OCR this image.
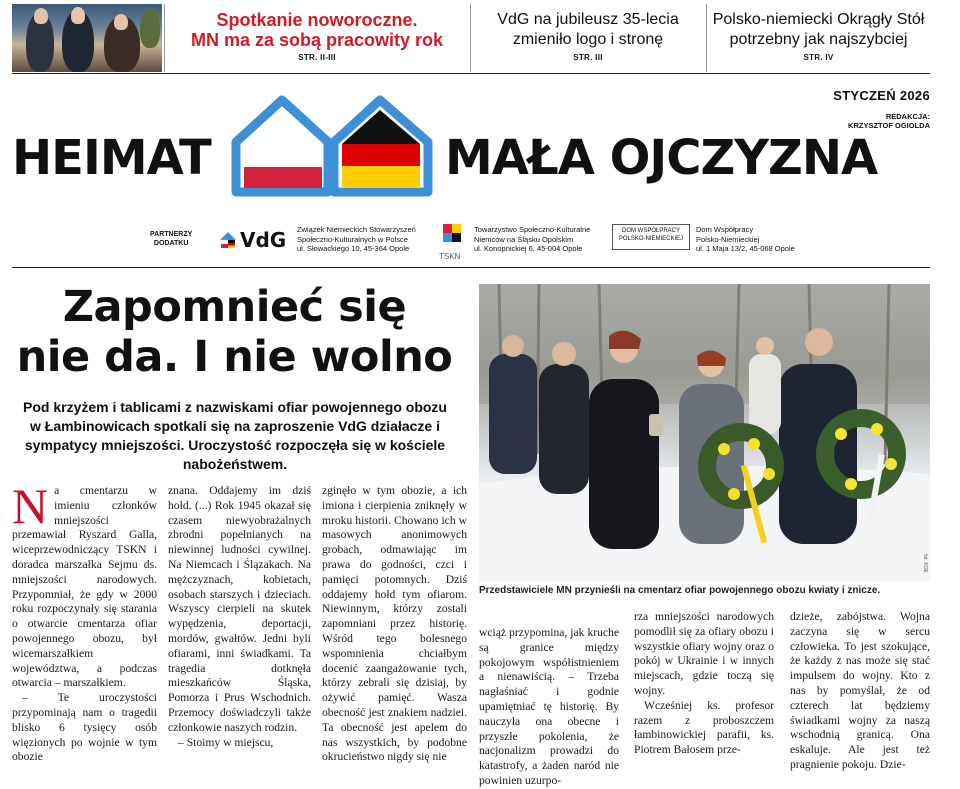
Spotkanie noworoczne.
MN ma za sobą pracowity rok
STR. II-III
VdG na jubileusz 35-lecia
zmieniło logo i stronę
STR. III
Polsko-niemiecki Okrągły Stół
potrzebny jak najszybciej
STR. IV
STYCZEŃ 2026
REDAKCJA:
KRZYSZTOF OGIOLDA
HEIMAT	MAŁA OJCZYZNA
PARTNERZY
DODATKU	VdG Związek Niemieckich Stowarzyszeń
Społeczno-Kulturalnych w Polsce
ul. Słowackiego 10, 45-364 Opole
TSKN
Towarzystwo Społeczno-Kulturalne
Niemców na Śląsku Opolskim
ul. Konopnickiej 6, 45-004 Opole
DOM WSPÓŁPRACY
POLSKO-NIEMIECKIEJ
Dom Współpracy
Polsko-Niemieckiej
ul. 1 Maja 13/2, 45-068 Opole
Zapomnieć się
nie da. I nie wolno
Pod krzyżem i tablicami z nazwiskami ofiar powojennego obozu w Łambinowicach spotkali się na zaproszenie VdG działacze i sympatycy mniejszości. Uroczystość rozpoczęła się w kościele nabożeństwem.
fot. KOE
Przedstawiciele MN przynieśli na cmentarz ofiar powojennego obozu kwiaty i znicze.
N a cmentarzu w imieniu członków mniejszości przemawiał Ryszard Galla, wiceprzewodniczący TSKN i doradca marszałka Sejmu ds. mniejszości narodowych. Przypomniał, że gdy w 2000 roku rozpoczynały się starania o otwarcie cmentarza ofiar powojennego obozu, był wicemarszałkiem województwa, a podczas otwarcia – marszałkiem.

– Te uroczystości przypominają nam o tragedii blisko 6 tysięcy osób więzionych po wojnie w tym obozie

znana. Oddajemy im dziś hołd. (...) Rok 1945 okazał się czasem niewyobrażalnych zbrodni popełnianych na niewinnej ludności cywilnej. Na Niemcach i Ślązakach. Na mężczyznach, kobietach, osobach starszych i dzieciach. Wszyscy cierpieli na skutek wypędzenia, deportacji, mordów, gwałtów. Jedni byli ofiarami, inni świadkami. Ta tragedia dotknęła mieszkańców Śląska, Pomorza i Prus Wschodnich. Przemocy doświadczyli także członkowie naszych rodzin.

– Stoimy w miejscu,

zginęło w tym obozie, a ich imiona i cierpienia zniknęły w mroku historii. Chowano ich w masowych anonimowych grobach, odmawiając im prawa do godności, czci i pamięci potomnych. Dziś oddajemy hołd tym ofiarom. Niewinnym, którzy zostali zapomniani przez historię. Wśród tego bolesnego wspomnienia chciałbym docenić zaangażowanie tych, którzy zebrali się dzisiaj, by ożywić pamięć. Wasza obecność jest znakiem nadziei. Ta obecność jest apelem do nas wszystkich, by podobne okrucieństwo nigdy się nie

wciąż przypomina, jak kruche są granice między pokojowym współistnieniem a nienawiścią. – Trzeba nagłaśniać i godnie upamiętniać tę historię. By nauczyła ona obecne i przyszłe pokolenia, że nacjonalizm prowadzi do katastrofy, a żaden naród nie powinien uzurpo-

rza mniejszości narodowych pomodlił się za ofiary obozu i wszystkie ofiary wojny oraz o pokój w Ukrainie i w innych miejscach, gdzie toczą się wojny.

Wcześniej ks. profesor razem z proboszczem łambinowickiej parafii, ks. Piotrem Bałosem prze-

dzieże, zabójstwa. Wojna zaczyna się w sercu człowieka. To jest szokujące, że każdy z nas może się stać impulsem do wojny. Kto z nas by pomyślał, że od czterech lat będziemy świadkami wojny za naszą wschodnią granicą. Ona eskaluje. Ale jest też pragnienie pokoju. Dzie-
